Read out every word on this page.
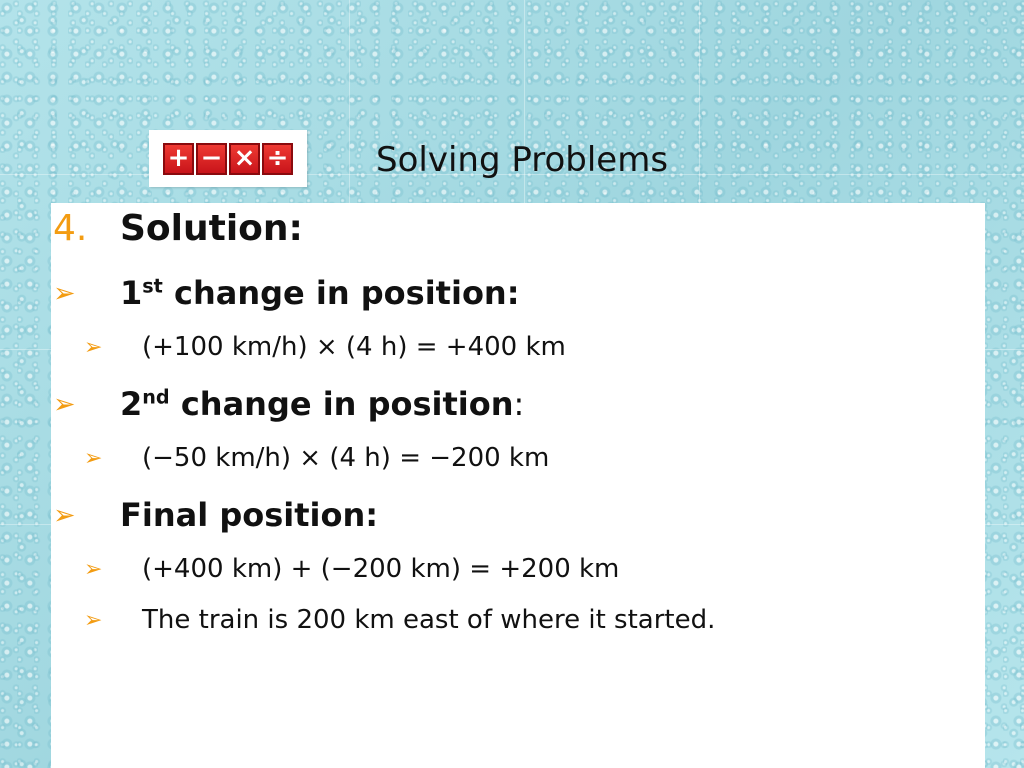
+ − × ÷	Solving Problems
4. Solution:
➢ 1st change in position:
➢ (+100 km/h) × (4 h) = +400 km
➢ 2nd change in position:
➢ (−50 km/h) × (4 h) = −200 km
➢ Final position:
➢ (+400 km) + (−200 km) = +200 km
➢ The train is 200 km east of where it started.
